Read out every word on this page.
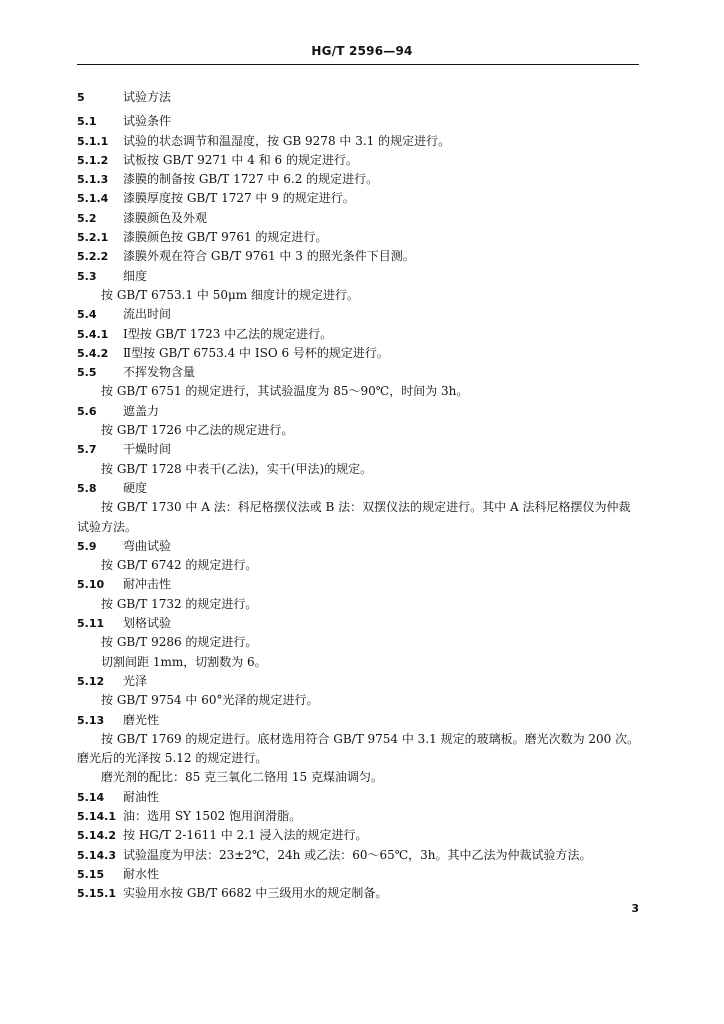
HG/T 2596—94
5	试验方法
5.1 试验条件
5.1.1 试验的状态调节和温湿度，按 GB 9278 中 3.1 的规定进行。
5.1.2 试板按 GB/T 9271 中 4 和 6 的规定进行。
5.1.3 漆膜的制备按 GB/T 1727 中 6.2 的规定进行。
5.1.4 漆膜厚度按 GB/T 1727 中 9 的规定进行。
5.2 漆膜颜色及外观
5.2.1 漆膜颜色按 GB/T 9761 的规定进行。
5.2.2 漆膜外观在符合 GB/T 9761 中 3 的照光条件下目测。
5.3 细度
按 GB/T 6753.1 中 50μm 细度计的规定进行。
5.4 流出时间
5.4.1 Ⅰ型按 GB/T 1723 中乙法的规定进行。
5.4.2 Ⅱ型按 GB/T 6753.4 中 ISO 6 号杯的规定进行。
5.5 不挥发物含量
按 GB/T 6751 的规定进行，其试验温度为 85～90℃，时间为 3h。
5.6 遮盖力
按 GB/T 1726 中乙法的规定进行。
5.7 干燥时间
按 GB/T 1728 中表干(乙法)，实干(甲法)的规定。
5.8 硬度
按 GB/T 1730 中 A 法：科尼格摆仪法或 B 法：双摆仪法的规定进行。其中 A 法科尼格摆仪为仲裁
试验方法。
5.9 弯曲试验
按 GB/T 6742 的规定进行。
5.10 耐冲击性
按 GB/T 1732 的规定进行。
5.11 划格试验
按 GB/T 9286 的规定进行。
切割间距 1mm，切割数为 6。
5.12 光泽
按 GB/T 9754 中 60°光泽的规定进行。
5.13 磨光性
按 GB/T 1769 的规定进行。底材选用符合 GB/T 9754 中 3.1 规定的玻璃板。磨光次数为 200 次。
磨光后的光泽按 5.12 的规定进行。
磨光剂的配比：85 克三氧化二铬用 15 克煤油调匀。
5.14 耐油性
5.14.1 油：选用 SY 1502 饱用润滑脂。
5.14.2 按 HG/T 2-1611 中 2.1 浸入法的规定进行。
5.14.3 试验温度为甲法：23±2℃，24h 或乙法：60～65℃，3h。其中乙法为仲裁试验方法。
5.15 耐水性
5.15.1 实验用水按 GB/T 6682 中三级用水的规定制备。
3
